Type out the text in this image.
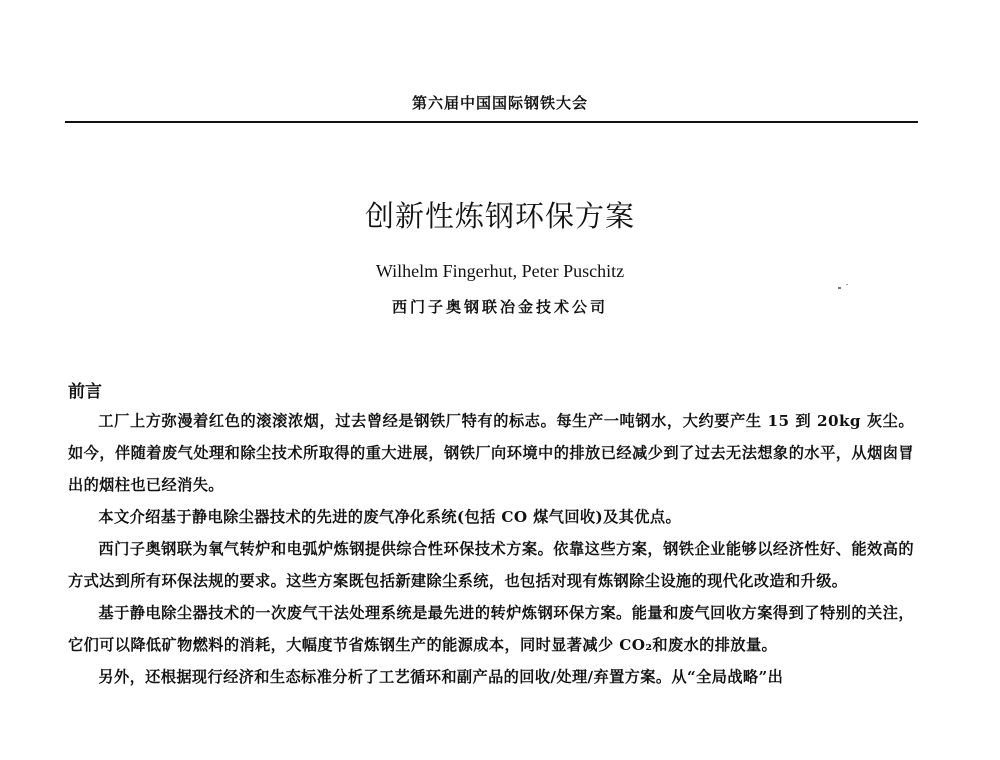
第六届中国国际钢铁大会
创新性炼钢环保方案
Wilhelm Fingerhut, Peter Puschitz
西门子奥钢联冶金技术公司
前言

工厂上方弥漫着红色的滚滚浓烟，过去曾经是钢铁厂特有的标志。每生产一吨钢水，大约要产生 15 到 20kg 灰尘。如今，伴随着废气处理和除尘技术所取得的重大进展，钢铁厂向环境中的排放已经减少到了过去无法想象的水平，从烟囱冒出的烟柱也已经消失。

本文介绍基于静电除尘器技术的先进的废气净化系统(包括 CO 煤气回收)及其优点。

西门子奥钢联为氧气转炉和电弧炉炼钢提供综合性环保技术方案。依靠这些方案，钢铁企业能够以经济性好、能效高的方式达到所有环保法规的要求。这些方案既包括新建除尘系统，也包括对现有炼钢除尘设施的现代化改造和升级。

基于静电除尘器技术的一次废气干法处理系统是最先进的转炉炼钢环保方案。能量和废气回收方案得到了特别的关注，它们可以降低矿物燃料的消耗，大幅度节省炼钢生产的能源成本，同时显著减少 CO₂和废水的排放量。

另外，还根据现行经济和生态标准分析了工艺循环和副产品的回收/处理/弃置方案。从“全局战略”出
